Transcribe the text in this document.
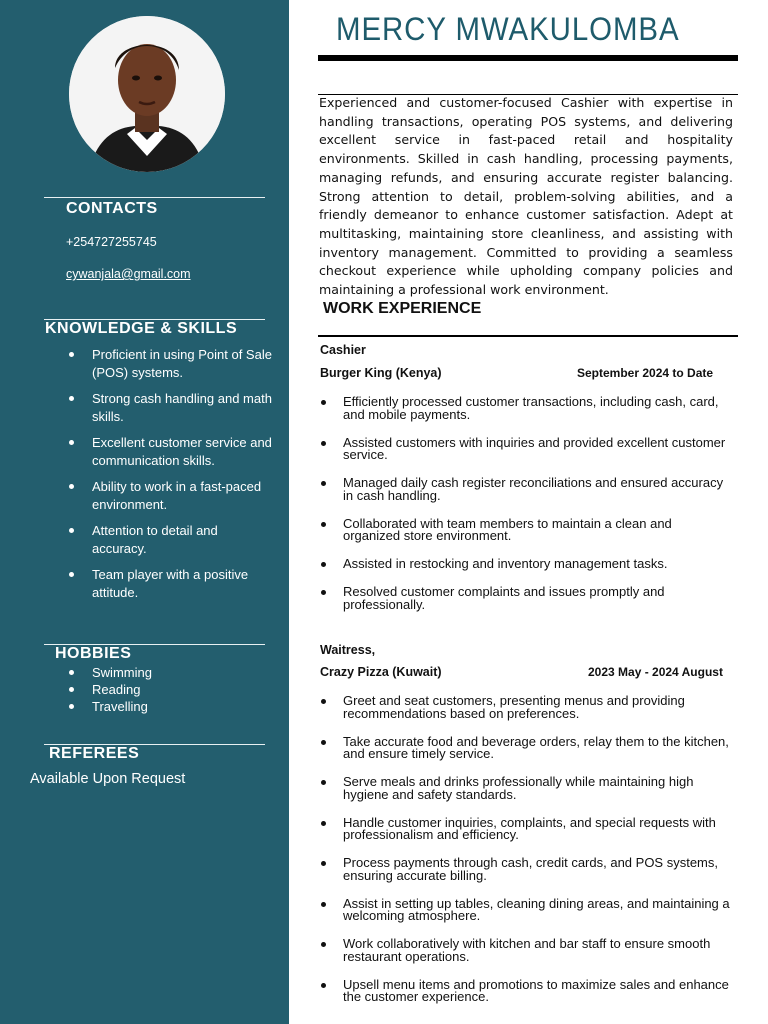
CONTACTS
+254727255745
cywanjala@gmail.com
KNOWLEDGE & SKILLS
Proficient in using Point of Sale (POS) systems.
Strong cash handling and math skills.
Excellent customer service and communication skills.
Ability to work in a fast-paced environment.
Attention to detail and accuracy.
Team player with a positive attitude.
HOBBIES
Swimming
Reading
Travelling
REFEREES
Available Upon Request
MERCY MWAKULOMBA

Experienced and customer-focused Cashier with expertise in handling transactions, operating POS systems, and delivering excellent service in fast-paced retail and hospitality environments. Skilled in cash handling, processing payments, managing refunds, and ensuring accurate register balancing. Strong attention to detail, problem-solving abilities, and a friendly demeanor to enhance customer satisfaction. Adept at multitasking, maintaining store cleanliness, and assisting with inventory management. Committed to providing a seamless checkout experience while upholding company policies and maintaining a professional work environment.

WORK EXPERIENCE
Cashier
Burger King (Kenya)	September 2024 to Date
Efficiently processed customer transactions, including cash, card, and mobile payments.
Assisted customers with inquiries and provided excellent customer service.
Managed daily cash register reconciliations and ensured accuracy in cash handling.
Collaborated with team members to maintain a clean and organized store environment.
Assisted in restocking and inventory management tasks.
Resolved customer complaints and issues promptly and professionally.
Waitress,
Crazy Pizza (Kuwait)	2023 May - 2024 August
Greet and seat customers, presenting menus and providing recommendations based on preferences.
Take accurate food and beverage orders, relay them to the kitchen, and ensure timely service.
Serve meals and drinks professionally while maintaining high hygiene and safety standards.
Handle customer inquiries, complaints, and special requests with professionalism and efficiency.
Process payments through cash, credit cards, and POS systems, ensuring accurate billing.
Assist in setting up tables, cleaning dining areas, and maintaining a welcoming atmosphere.
Work collaboratively with kitchen and bar staff to ensure smooth restaurant operations.
Upsell menu items and promotions to maximize sales and enhance the customer experience.
